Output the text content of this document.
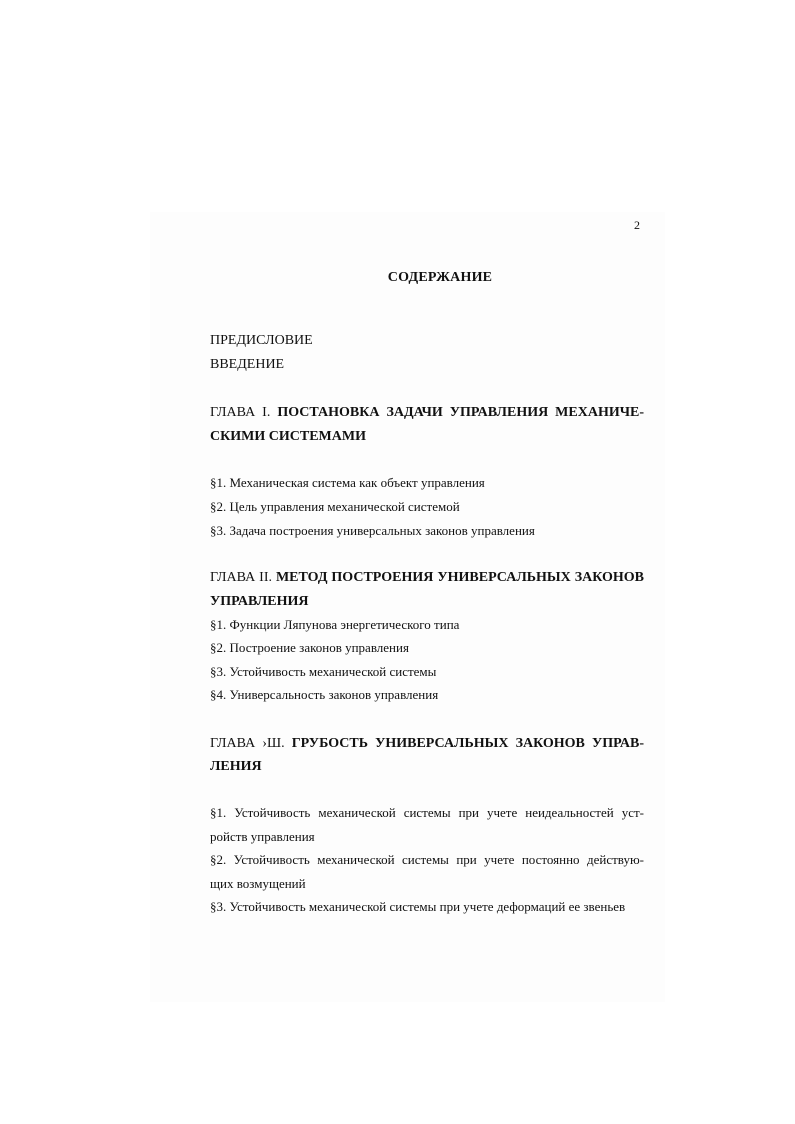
2
СОДЕРЖАНИЕ
ПРЕДИСЛОВИЕ
ВВЕДЕНИЕ
ГЛАВА I. ПОСТАНОВКА ЗАДАЧИ УПРАВЛЕНИЯ МЕХАНИЧЕ-
СКИМИ СИСТЕМАМИ
§1. Механическая система как объект управления
§2. Цель управления механической системой
§3. Задача построения универсальных законов управления
ГЛАВА II. МЕТОД ПОСТРОЕНИЯ УНИВЕРСАЛЬНЫХ ЗАКОНОВ
УПРАВЛЕНИЯ
§1. Функции Ляпунова энергетического типа
§2. Построение законов управления
§3. Устойчивость механической системы
§4. Универсальность законов управления
ГЛАВА ›Ш. ГРУБОСТЬ УНИВЕРСАЛЬНЫХ ЗАКОНОВ УПРАВ-
ЛЕНИЯ
§1. Устойчивость механической системы при учете неидеальностей уст-
ройств управления
§2. Устойчивость механической системы при учете постоянно действую-
щих возмущений
§3. Устойчивость механической системы при учете деформаций ее звеньев
